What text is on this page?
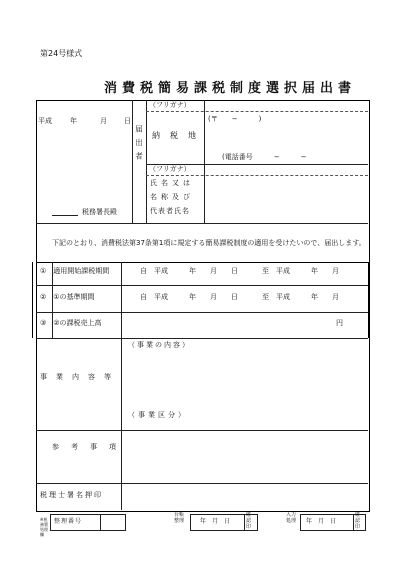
第24号様式
消費税簡易課税制度選択届出書
平成	年	月 日
税務署長殿
届出者
（フリガナ）
納税地
(〒　　−　　　)
(電話番号　　　−　　　−
（フリガナ）
氏名又は
名称及び
代表者氏名
下記のとおり、消費税法第37条第1項に規定する簡易課税制度の適用を受けたいので、届出します。
①　適用開始課税期間	自　平成　　　年　　月　　日	至　平成　　　年　　月
②　①の基準期間	自　平成　　　年　　月　　日	至　平成　　　年　　月
③　②の課税売上高	円
事業内容等
（事業の内容）
（事業区分）
参考事項
税理士署名押印
※税務署処理欄
整理番号
台帳整理	年　月　日
確認印
入力処理	年　月　日
確認印
